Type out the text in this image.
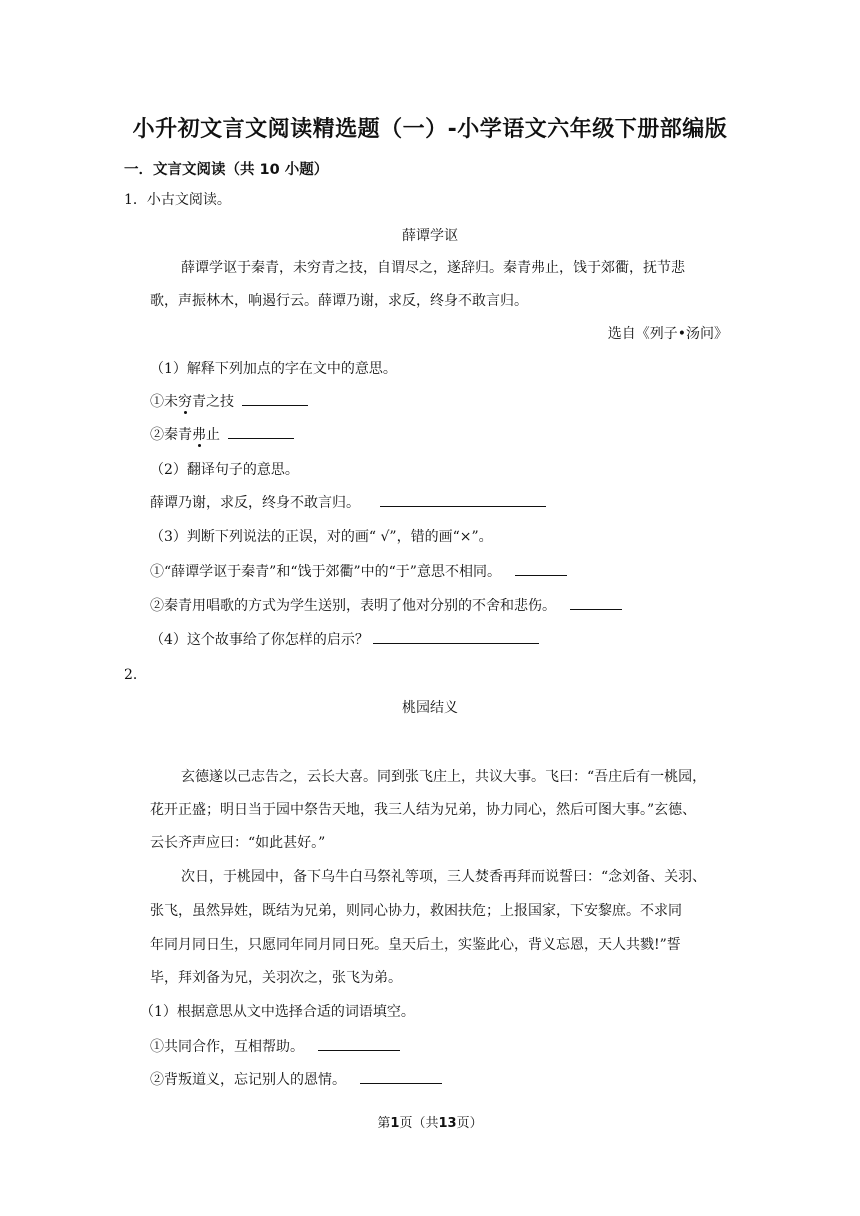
小升初文言文阅读精选题（一）-小学语文六年级下册部编版
一．文言文阅读（共 10 小题）
1．小古文阅读。
薛谭学讴
薛谭学讴于秦青，未穷青之技，自谓尽之，遂辞归。秦青弗止，饯于郊衢，抚节悲
歌，声振林木，响遏行云。薛谭乃谢，求反，终身不敢言归。
选自《列子•汤问》
（1）解释下列加点的字在文中的意思。
①未穷青之技
②秦青弗止
（2）翻译句子的意思。
薛谭乃谢，求反，终身不敢言归。
（3）判断下列说法的正误，对的画“ √”，错的画“×”。
①“薛谭学讴于秦青”和“饯于郊衢”中的“于”意思不相同。
②秦青用唱歌的方式为学生送别，表明了他对分别的不舍和悲伤。
（4）这个故事给了你怎样的启示？
2．
桃园结义
玄德遂以己志告之，云长大喜。同到张飞庄上，共议大事。飞曰：“吾庄后有一桃园，
花开正盛；明日当于园中祭告天地，我三人结为兄弟，协力同心，然后可图大事。”玄德、
云长齐声应曰：“如此甚好。”
次日，于桃园中，备下乌牛白马祭礼等项，三人焚香再拜而说誓曰：“念刘备、关羽、
张飞，虽然异姓，既结为兄弟，则同心协力，救困扶危；上报国家，下安黎庶。不求同
年同月同日生，只愿同年同月同日死。皇天后土，实鉴此心，背义忘恩，天人共戮!”誓
毕，拜刘备为兄，关羽次之，张飞为弟。
（1）根据意思从文中选择合适的词语填空。
①共同合作，互相帮助。
②背叛道义，忘记别人的恩情。
第1页（共13页）
